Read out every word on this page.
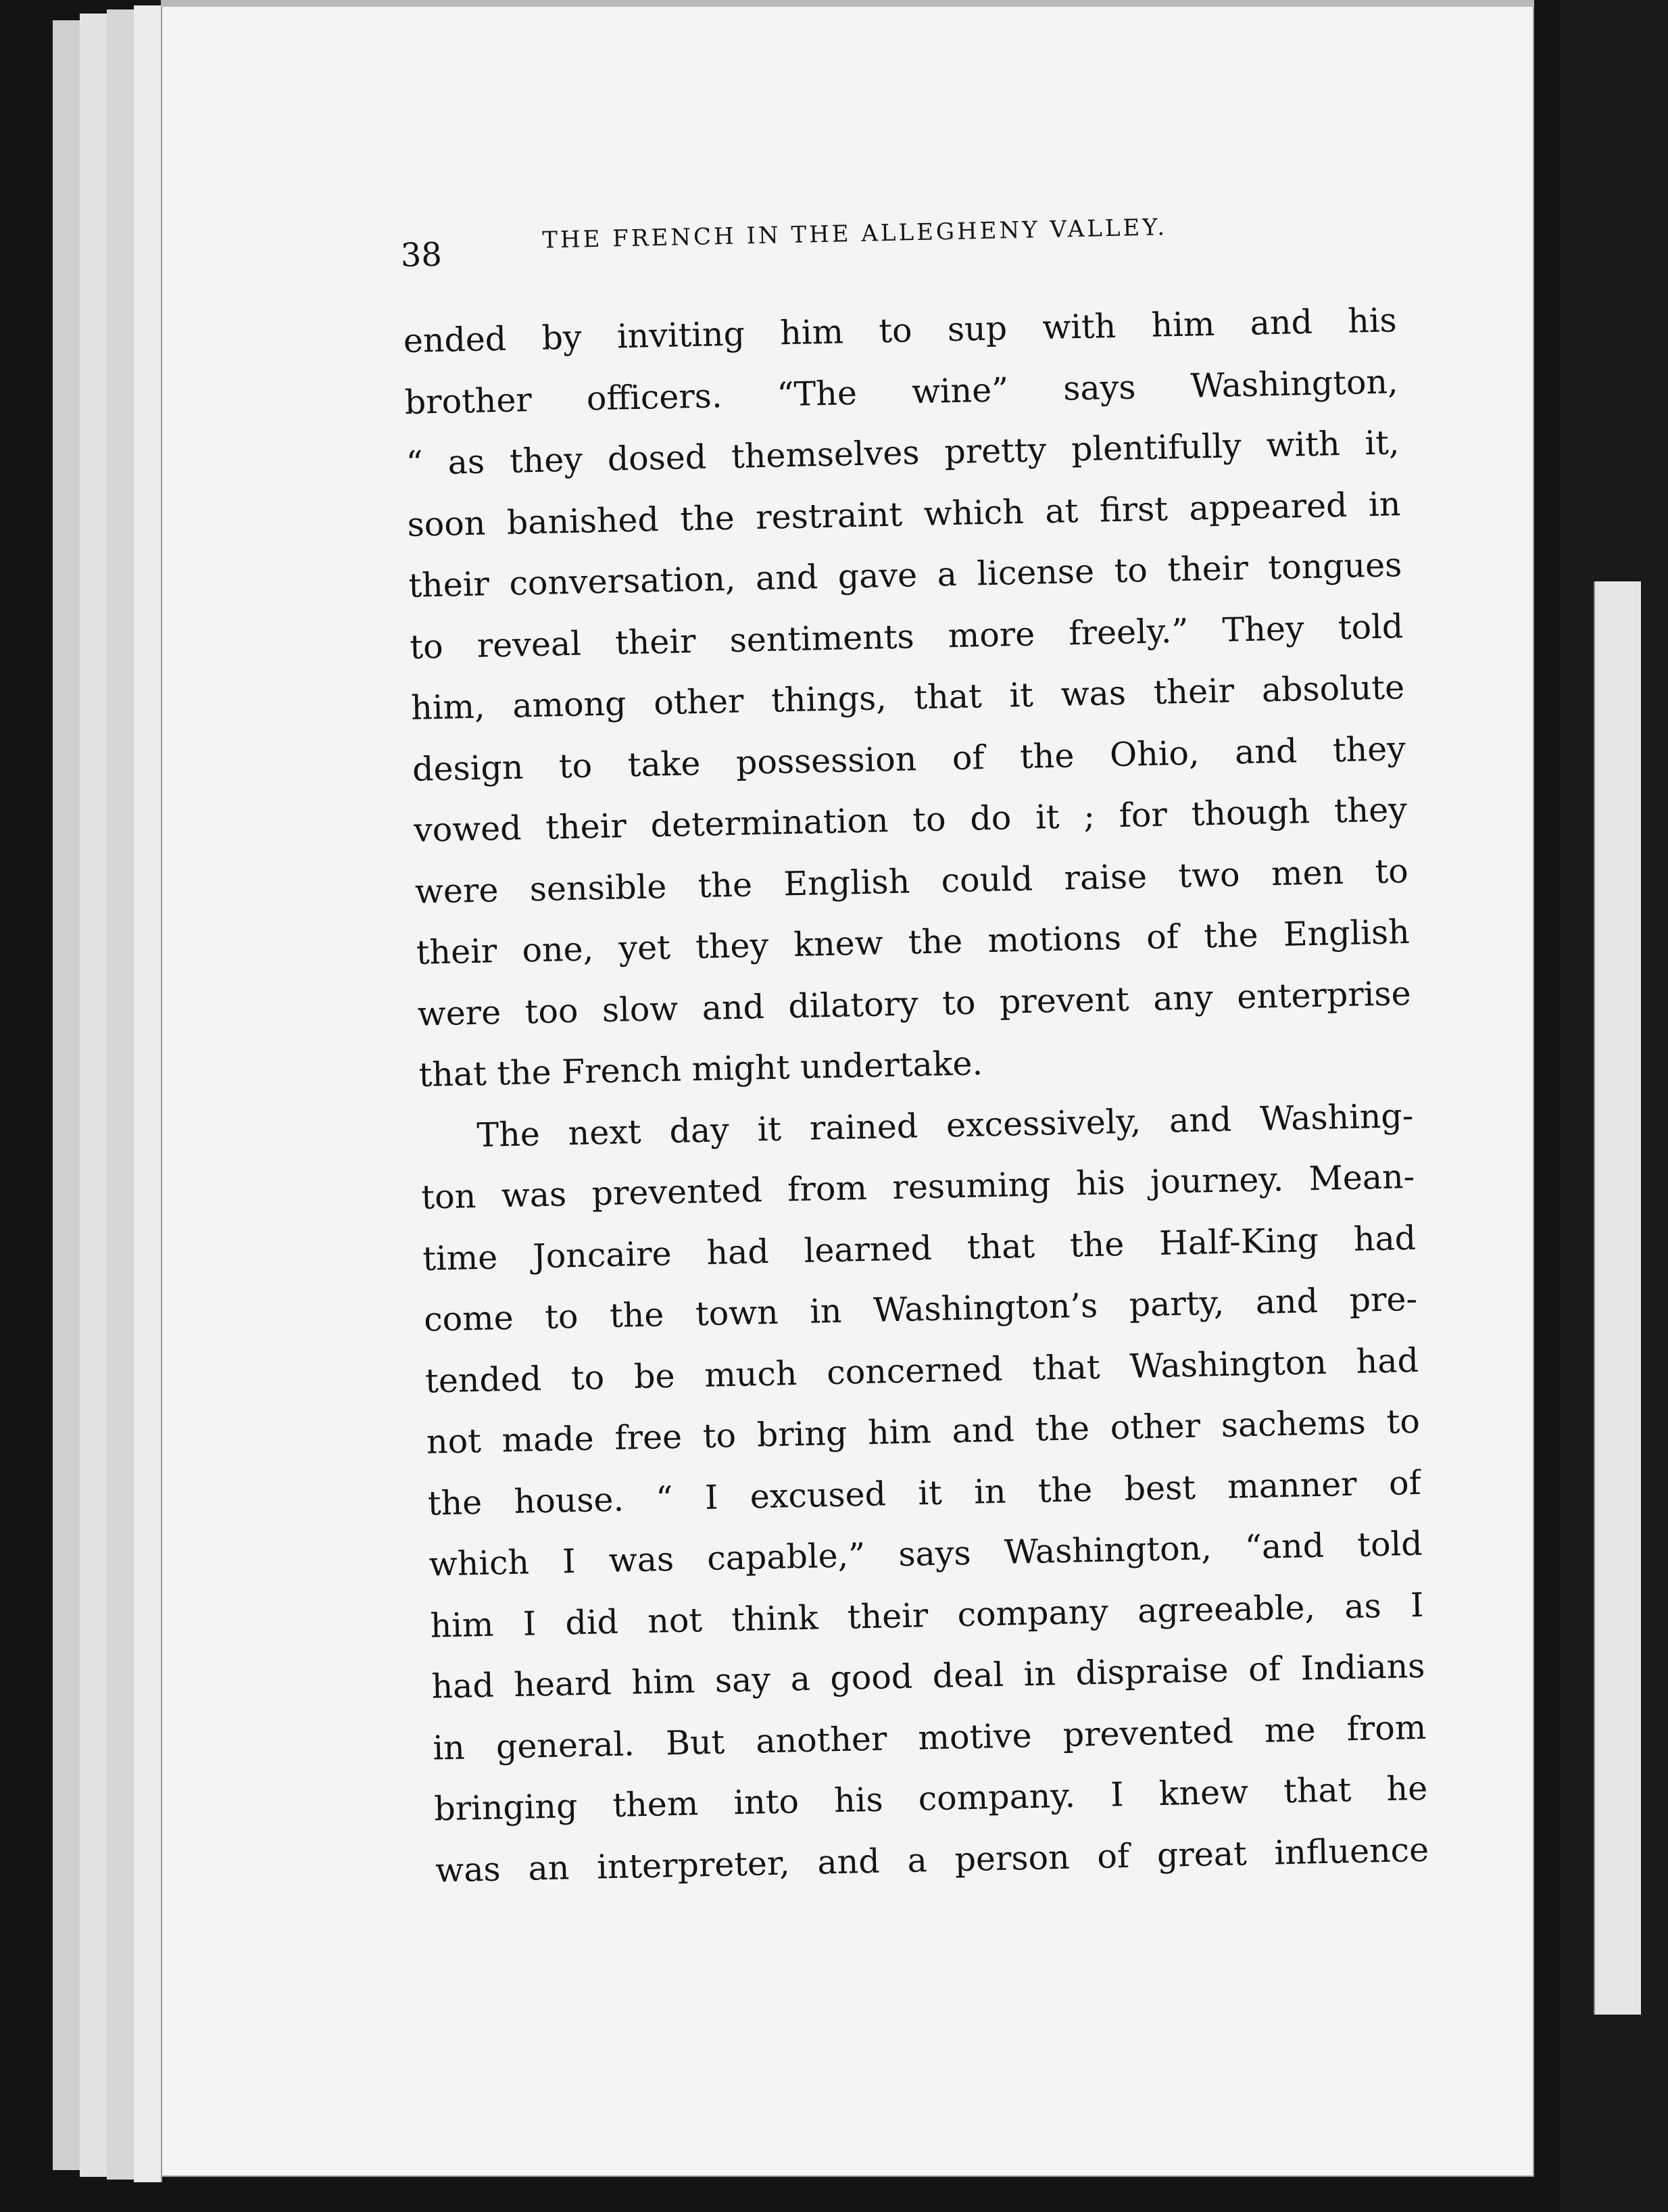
38
THE FRENCH IN THE ALLEGHENY VALLEY.
ended by inviting him to sup with him and his
brother officers. “The wine” says Washington,
“ as they dosed themselves pretty plentifully with it,
soon banished the restraint which at first appeared in
their conversation, and gave a license to their tongues
to reveal their sentiments more freely.” They told
him, among other things, that it was their absolute
design to take possession of the Ohio, and they
vowed their determination to do it ; for though they
were sensible the English could raise two men to
their one, yet they knew the motions of the English
were too slow and dilatory to prevent any enterprise
that the French might undertake.
The next day it rained excessively, and Washing-
ton was prevented from resuming his journey. Mean-
time Joncaire had learned that the Half-King had
come to the town in Washington’s party, and pre-
tended to be much concerned that Washington had
not made free to bring him and the other sachems to
the house. “ I excused it in the best manner of
which I was capable,” says Washington, “and told
him I did not think their company agreeable, as I
had heard him say a good deal in dispraise of Indians
in general. But another motive prevented me from
bringing them into his company. I knew that he
was an interpreter, and a person of great influence
